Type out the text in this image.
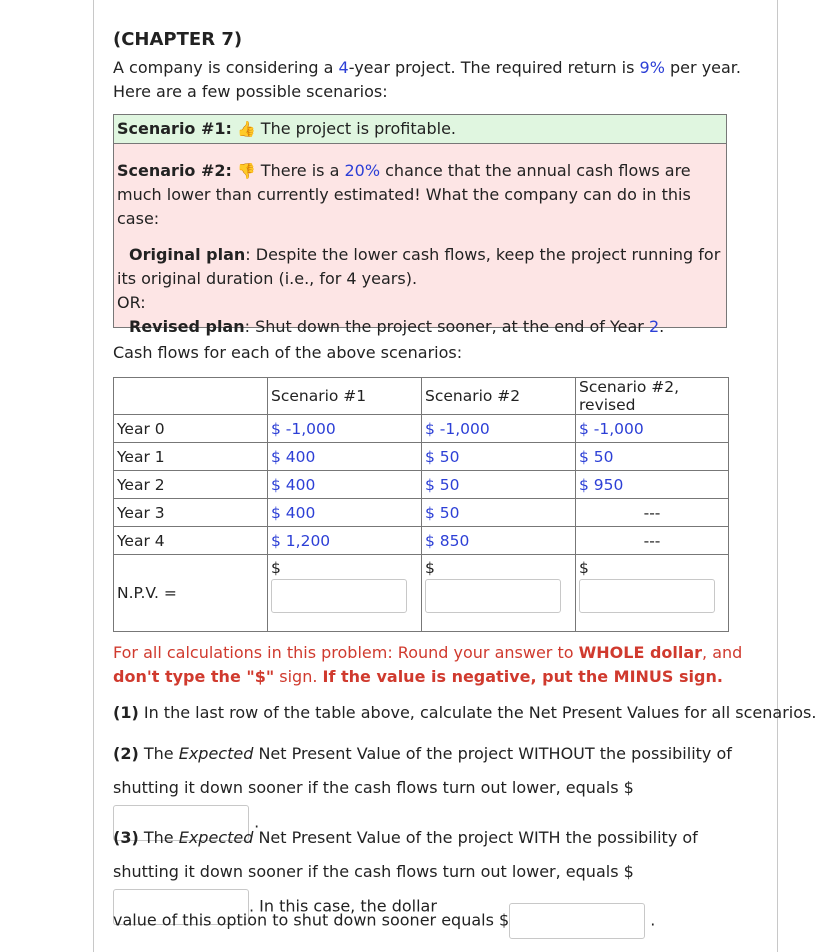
(CHAPTER 7)

A company is considering a 4-year project. The required return is 9% per year. Here are a few possible scenarios:

Scenario #1: 👍 The project is profitable.

Scenario #2: 👎 There is a 20% chance that the annual cash flows are much lower than currently estimated! What the company can do in this case:

Original plan: Despite the lower cash flows, keep the project running for its original duration (i.e., for 4 years).

OR:

Revised plan: Shut down the project sooner, at the end of Year 2.

Cash flows for each of the above scenarios:

	Scenario #1	Scenario #2	Scenario #2, revised
Year 0	$ -1,000	$ -1,000	$ -1,000
Year 1	$ 400	$ 50	$ 50
Year 2	$ 400	$ 50	$ 950
Year 3	$ 400	$ 50	---
Year 4	$ 1,200	$ 850	---
N.P.V. =	$	$	$

For all calculations in this problem: Round your answer to WHOLE dollar, and don't type the "$" sign. If the value is negative, put the MINUS sign.

(1) In the last row of the table above, calculate the Net Present Values for all scenarios.

(2) The Expected Net Present Value of the project WITHOUT the possibility of shutting it down sooner if the cash flows turn out lower, equals $ .

(3) The Expected Net Present Value of the project WITH the possibility of shutting it down sooner if the cash flows turn out lower, equals $. In this case, the dollar

value of this option to shut down sooner equals $	.
